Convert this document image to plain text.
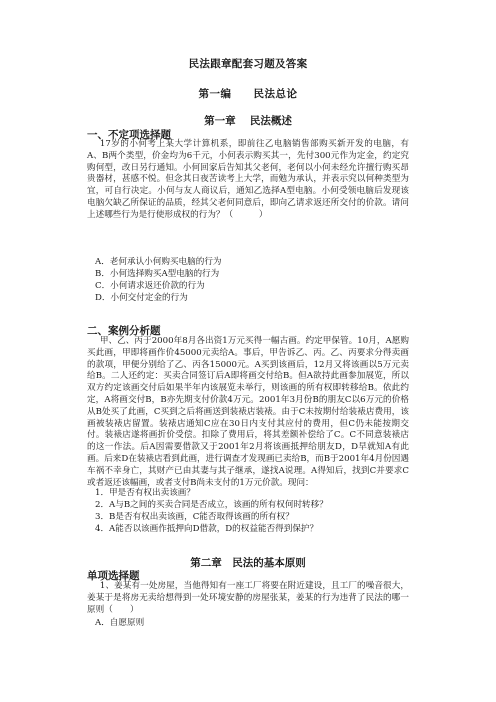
民法跟章配套习题及答案
第一编　　民法总论
第一章　 民法概述
一、不定项选择题
17岁的小何考上某大学计算机系，即前往乙电脑销售部购买新开发的电脑，有A、B两个类型，价金均为6千元，小何表示购买其一，先付300元作为定金，约定究购何型，改日另行通知。小何回家后告知其父老何，老何以小何未经允许擅行购买昂贵器材，甚感不悦。但念其日夜苦读考上大学，而勉为承认，并表示究以何种类型为宜，可自行决定。小何与友人商议后，通知乙选择A型电脑。小何受领电脑后发现该电脑欠缺乙所保证的品质，经其父老何同意后，即向乙请求返还所交付的价款。请问上述哪些行为是行使形成权的行为？（　　　）
A．老何承认小何购买电脑的行为
B．小何选择购买A型电脑的行为
C．小何请求返还价款的行为
D．小何交付定金的行为
二、案例分析题
甲、乙、丙于2000年8月各出资1万元买得一幅古画。约定甲保管。10月，A愿购买此画，甲即将画作价45000元卖给A。事后，甲告诉乙、丙。乙、丙要求分得卖画的款项，甲便分别给了乙、丙各15000元。A买到该画后，12月又将该画以5万元卖给B。二人还约定：买卖合同签订后A即将画交付给B。但A欲持此画参加展览，所以双方约定该画交付后如果半年内该展览未举行，则该画的所有权即转移给B。依此约定，A将画交付B，B亦先期支付价款4万元。2001年3月份B的朋友C以6万元的价格从B处买了此画，C买到之后将画送到装裱店装裱。由于C未按期付给装裱店费用，该画被装裱店留置。装裱店通知C应在30日内支付其应付的费用，但C仍未能按期交付。装裱店遂将画折价受偿。扣除了费用后，将其差额补偿给了C。C不同意装裱店的这一作法。后A因需要借款又于2001年2月将该画抵押给朋友D，D早就知A有此画。后来D在装裱店看到此画，进行调查才发现画已卖给B，而B于2001年4月份因遇车祸不幸身亡，其财产已由其妻与其子继承，遂找A说理。A得知后，找到C并要求C或者返还该幅画，或者支付B尚未支付的1万元价款。现问：
1．甲是否有权出卖该画？
2．A与B之间的买卖合同是否成立，该画的所有权何时转移？
3．B是否有权出卖该画，C能否取得该画的所有权？
4．A能否以该画作抵押向D借款，D的权益能否得到保护？
第二章　民法的基本原则
单项选择题
1、姜某有一处房屋，当他得知有一座工厂将要在附近建设，且工厂的噪音很大，姜某于是将房无卖给想得到一处环境安静的房屋张某，姜某的行为违背了民法的哪一原则（　　）
A．自愿原则
